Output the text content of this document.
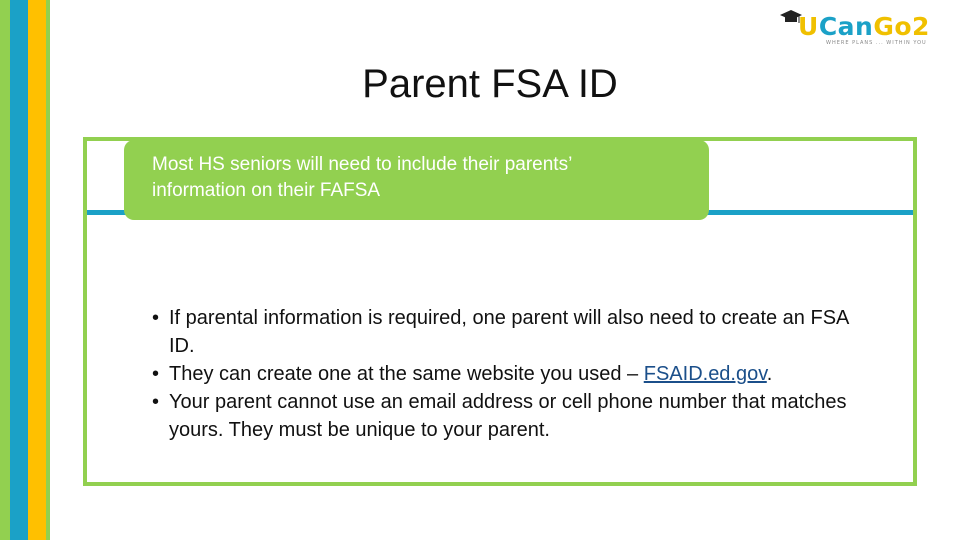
UCanGo2
WHERE PLANS ... WITHIN YOU
Parent FSA ID
Most HS seniors will need to include their parents’
information on their FAFSA
• If parental information is required, one parent will also need to create an FSA ID.
• They can create one at the same website you used – FSAID.ed.gov.
• Your parent cannot use an email address or cell phone number that matches yours. They must be unique to your parent.
